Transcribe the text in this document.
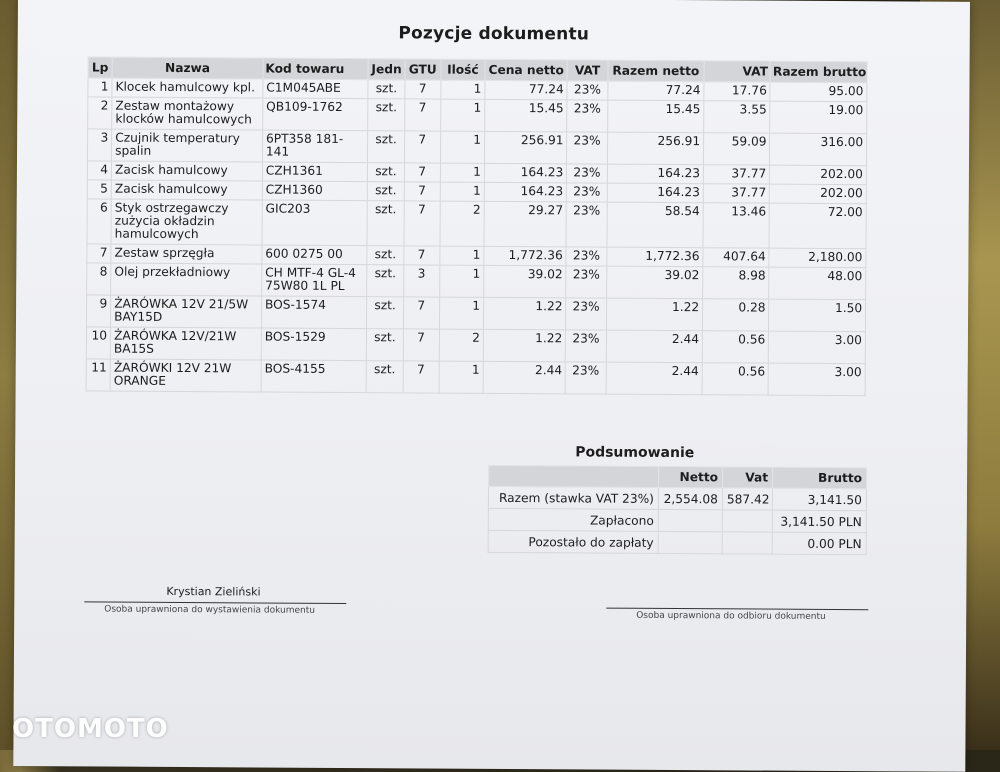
Pozycje dokumentu
Lp	Nazwa	Kod towaru	Jedn	GTU	Ilość	Cena netto	VAT	Razem netto	VAT	Razem brutto
1	Klocek hamulcowy kpl.	C1M045ABE	szt.	7	1	77.24	23%	77.24	17.76	95.00
2	Zestaw montażowy klocków hamulcowych	QB109-1762	szt.	7	1	15.45	23%	15.45	3.55	19.00
3	Czujnik temperatury spalin	6PT358 181-141	szt.	7	1	256.91	23%	256.91	59.09	316.00
4	Zacisk hamulcowy	CZH1361	szt.	7	1	164.23	23%	164.23	37.77	202.00
5	Zacisk hamulcowy	CZH1360	szt.	7	1	164.23	23%	164.23	37.77	202.00
6	Styk ostrzegawczy zużycia okładzin hamulcowych	GIC203	szt.	7	2	29.27	23%	58.54	13.46	72.00
7	Zestaw sprzęgła	600 0275 00	szt.	7	1	1,772.36	23%	1,772.36	407.64	2,180.00
8	Olej przekładniowy	CH MTF-4 GL-4 75W80 1L PL	szt.	3	1	39.02	23%	39.02	8.98	48.00
9	ŻARÓWKA 12V 21/5W BAY15D	BOS-1574	szt.	7	1	1.22	23%	1.22	0.28	1.50
10	ŻARÓWKA 12V/21W BA15S	BOS-1529	szt.	7	2	1.22	23%	2.44	0.56	3.00
11	ŻARÓWKI 12V 21W ORANGE	BOS-4155	szt.	7	1	2.44	23%	2.44	0.56	3.00
Podsumowanie
	Netto	Vat	Brutto
Razem (stawka VAT 23%)	2,554.08	587.42	3,141.50
Zapłacono			3,141.50 PLN
Pozostało do zapłaty			0.00 PLN
Krystian Zieliński
Osoba uprawniona do wystawienia dokumentu
Osoba uprawniona do odbioru dokumentu
OTOMOTO
